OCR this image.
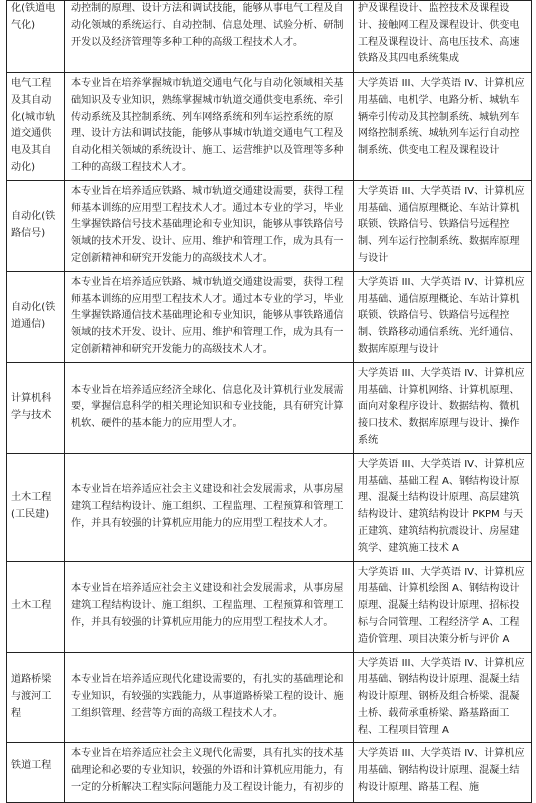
化(铁道电气化)	动控制的原理、设计方法和调试技能，能够从事电气工程及自动化领域的系统运行、自动控制、信息处理、试验分析、研制开发以及经济管理等多种工种的高级工程技术人才。	护及课程设计、监控技术及课程设计、接触网工程及课程设计、供变电工程及课程设计、高电压技术、高速铁路及其四电系统集成

电气工程及其自动化(城市轨道交通供电及其自动化)	本专业旨在培养掌握城市轨道交通电气化与自动化领域相关基础知识及专业知识，熟练掌握城市轨道交通供变电系统、牵引传动系统及其控制系统、列车网络系统和列车运控系统的原理、设计方法和调试技能，能够从事城市轨道交通电气工程及自动化相关领域的系统设计、施工、运营维护以及管理等多种工种的高级工程技术人才。	大学英语 III、大学英语 IV、计算机应用基础、电机学、电路分析、城轨车辆牵引传动及其控制系统、城轨列车网络控制系统、城轨列车运行自动控制系统、供变电工程及课程设计

自动化(铁路信号)	本专业旨在培养适应铁路、城市轨道交通建设需要，获得工程师基本训练的应用型工程技术人才。通过本专业的学习，毕业生掌握铁路信号技术基础理论和专业知识，能够从事铁路信号领域的技术开发、设计、应用、维护和管理工作，成为具有一定创新精神和研究开发能力的高级技术人才。	大学英语 III、大学英语 IV、计算机应用基础、通信原理概论、车站计算机联锁、铁路信号、铁路信号远程控制、列车运行控制系统、数据库原理与设计

自动化(铁道通信)	本专业旨在培养适应铁路、城市轨道交通建设需要，获得工程师基本训练的应用型工程技术人才。通过本专业的学习，毕业生掌握铁路通信技术基础理论和专业知识，能够从事铁路通信领域的技术开发、设计、应用、维护和管理工作，成为具有一定创新精神和研究开发能力的高级技术人才。	大学英语 III、大学英语 IV、计算机应用基础、通信原理概论、车站计算机联锁、铁路信号、铁路信号远程控制、铁路移动通信系统、光纤通信、数据库原理与设计

计算机科学与技术	本专业旨在培养适应经济全球化、信息化及计算机行业发展需要，掌握信息科学的相关理论知识和专业技能，具有研究计算机软、硬件的基本能力的应用型人才。	大学英语 III、大学英语 IV、计算机应用基础、计算机网络、计算机原理、面向对象程序设计、数据结构、微机接口技术、数据库原理与设计、操作系统

土木工程(工民建)	本专业旨在培养适应社会主义建设和社会发展需求，从事房屋建筑工程结构设计、施工组织、工程监理、工程预算和管理工作，并具有较强的计算机应用能力的应用型工程技术人才。	大学英语 III、大学英语 IV、计算机应用基础、基础工程 A、钢结构设计原理、混凝土结构设计原理、高层建筑结构设计、建筑结构设计 PKPM 与天正建筑、建筑结构抗震设计、房屋建筑学、建筑施工技术 A

土木工程	本专业旨在培养适应社会主义建设和社会发展需求，从事房屋建筑工程结构设计、施工组织、工程监理、工程预算和管理工作，并具有较强的计算机应用能力的应用型工程技术人才。	大学英语 III、大学英语 IV、计算机应用基础、计算机绘图 A、钢结构设计原理、混凝土结构设计原理、招标投标与合同管理、工程经济学 A、工程造价管理、项目决策分析与评价 A

道路桥梁与渡河工程	本专业旨在培养适应现代化建设需要的，有扎实的基础理论和专业知识，有较强的实践能力，从事道路桥梁工程的设计、施工组织管理、经营等方面的高级工程技术人才。	大学英语 III、大学英语 IV、计算机应用基础、钢结构设计原理、混凝土结构设计原理、钢桥及组合桥梁、混凝土桥、载荷承重桥梁、路基路面工程、工程项目管理 A

铁道工程	本专业旨在培养适应社会主义现代化需要，具有扎实的技术基础理论和必要的专业知识，较强的外语和计算机应用能力，有一定的分析解决工程实际问题能力及工程设计能力，有初步的	大学英语 III、大学英语 IV、计算机应用基础、钢结构设计原理、混凝土结构设计原理、路基工程、施
